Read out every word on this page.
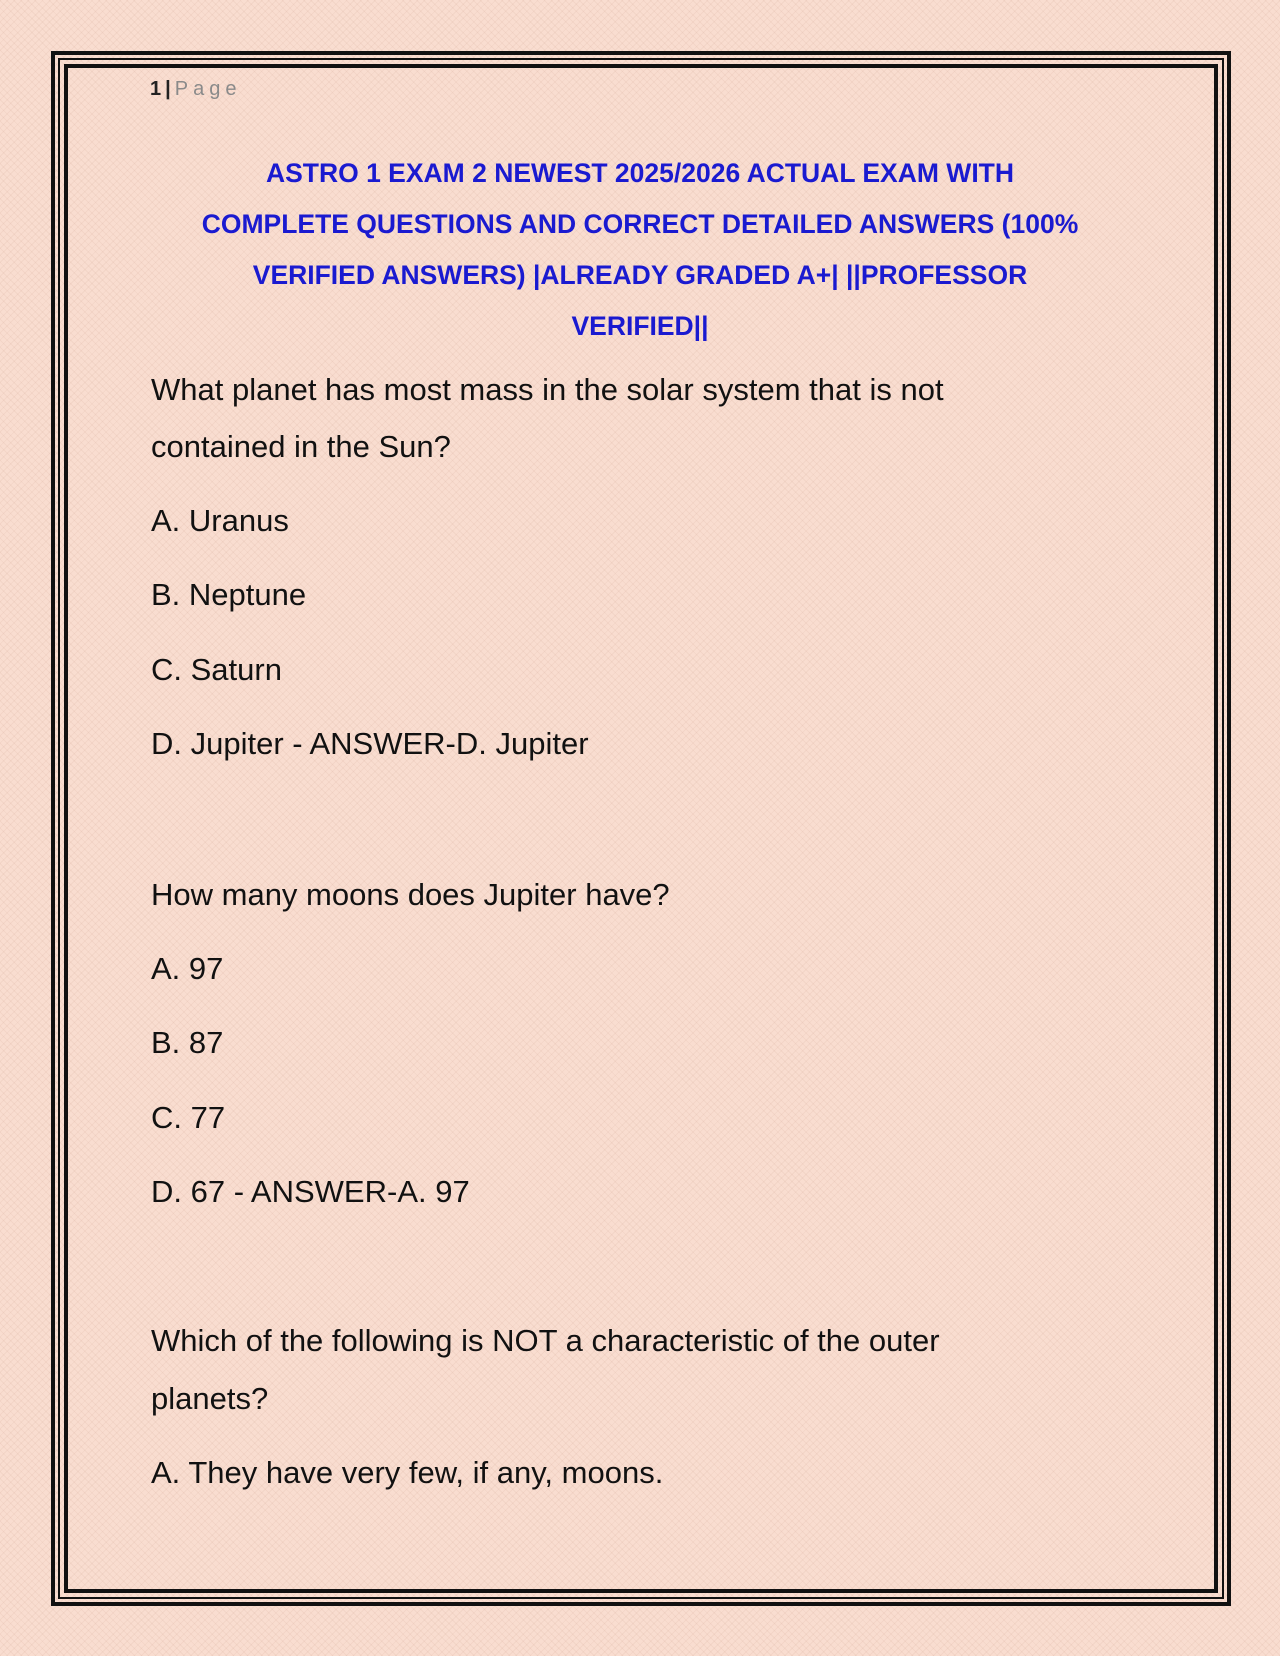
1 | Page
ASTRO 1 EXAM 2 NEWEST 2025/2026 ACTUAL EXAM WITH
COMPLETE QUESTIONS AND CORRECT DETAILED ANSWERS (100%
VERIFIED ANSWERS) |ALREADY GRADED A+| ||PROFESSOR
VERIFIED||
What planet has most mass in the solar system that is not
contained in the Sun?
A. Uranus
B. Neptune
C. Saturn
D. Jupiter - ANSWER-D. Jupiter
How many moons does Jupiter have?
A. 97
B. 87
C. 77
D. 67 - ANSWER-A. 97
Which of the following is NOT a characteristic of the outer
planets?
A. They have very few, if any, moons.
